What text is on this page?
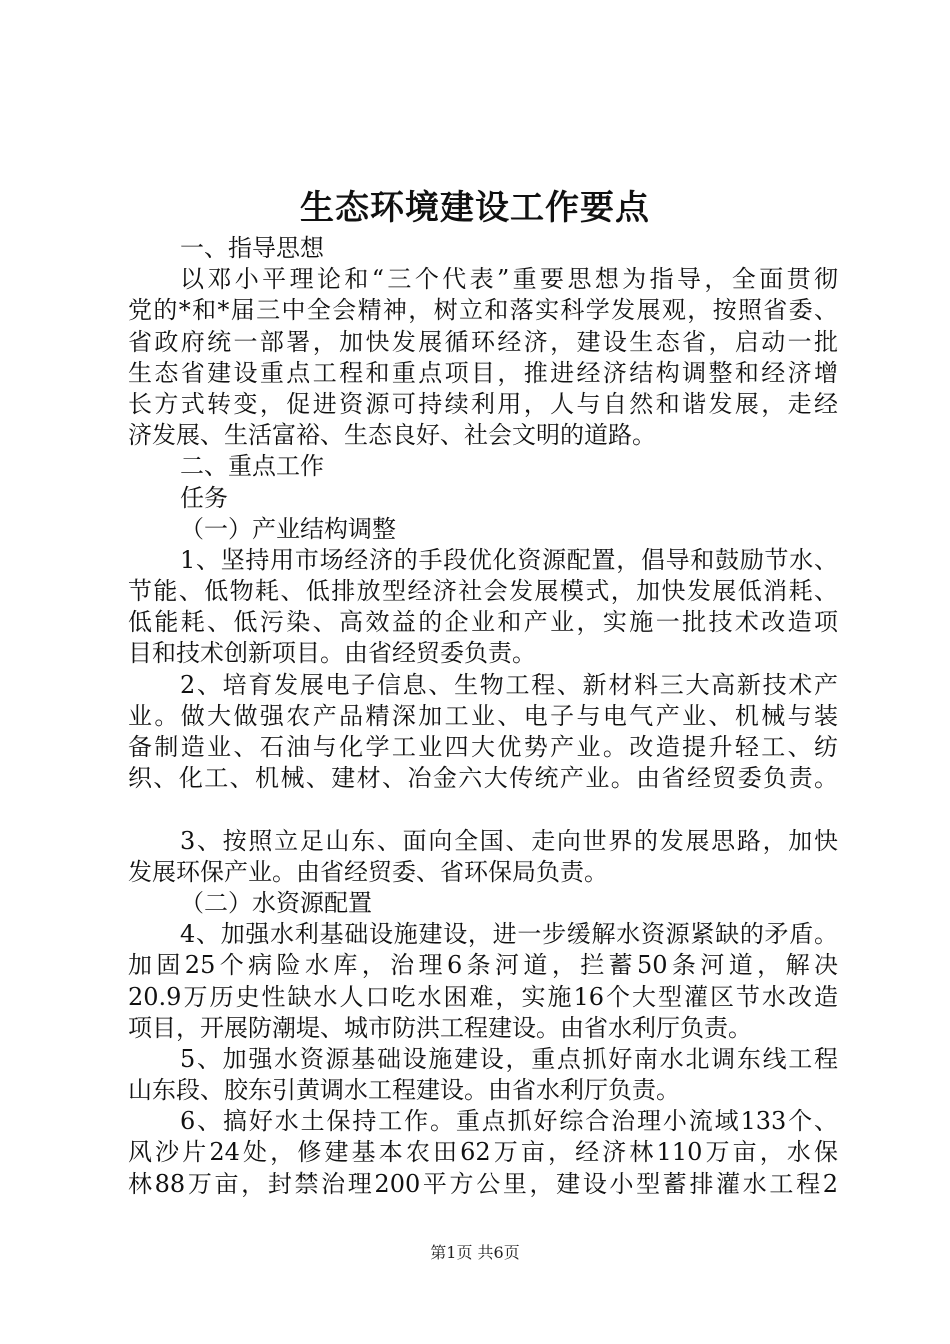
生态环境建设工作要点
一、指导思想
以邓小平理论和“三个代表”重要思想为指导，全面贯彻
党的*和*届三中全会精神，树立和落实科学发展观，按照省委、
省政府统一部署，加快发展循环经济，建设生态省，启动一批
生态省建设重点工程和重点项目，推进经济结构调整和经济增
长方式转变，促进资源可持续利用，人与自然和谐发展，走经
济发展、生活富裕、生态良好、社会文明的道路。
二、重点工作
任务
（一）产业结构调整
1、坚持用市场经济的手段优化资源配置，倡导和鼓励节水、
节能、低物耗、低排放型经济社会发展模式，加快发展低消耗、
低能耗、低污染、高效益的企业和产业，实施一批技术改造项
目和技术创新项目。由省经贸委负责。
2、培育发展电子信息、生物工程、新材料三大高新技术产
业。做大做强农产品精深加工业、电子与电气产业、机械与装
备制造业、石油与化学工业四大优势产业。改造提升轻工、纺
织、化工、机械、建材、冶金六大传统产业。由省经贸委负责。
3、按照立足山东、面向全国、走向世界的发展思路，加快
发展环保产业。由省经贸委、省环保局负责。
（二）水资源配置
4、加强水利基础设施建设，进一步缓解水资源紧缺的矛盾。
加固25个病险水库，治理6条河道，拦蓄50条河道，解决
20.9万历史性缺水人口吃水困难，实施16个大型灌区节水改造
项目，开展防潮堤、城市防洪工程建设。由省水利厅负责。
5、加强水资源基础设施建设，重点抓好南水北调东线工程
山东段、胶东引黄调水工程建设。由省水利厅负责。
6、搞好水土保持工作。重点抓好综合治理小流域133个、
风沙片24处，修建基本农田62万亩，经济林110万亩，水保
林88万亩，封禁治理200平方公里，建设小型蓄排灌水工程2
第1页 共6页
